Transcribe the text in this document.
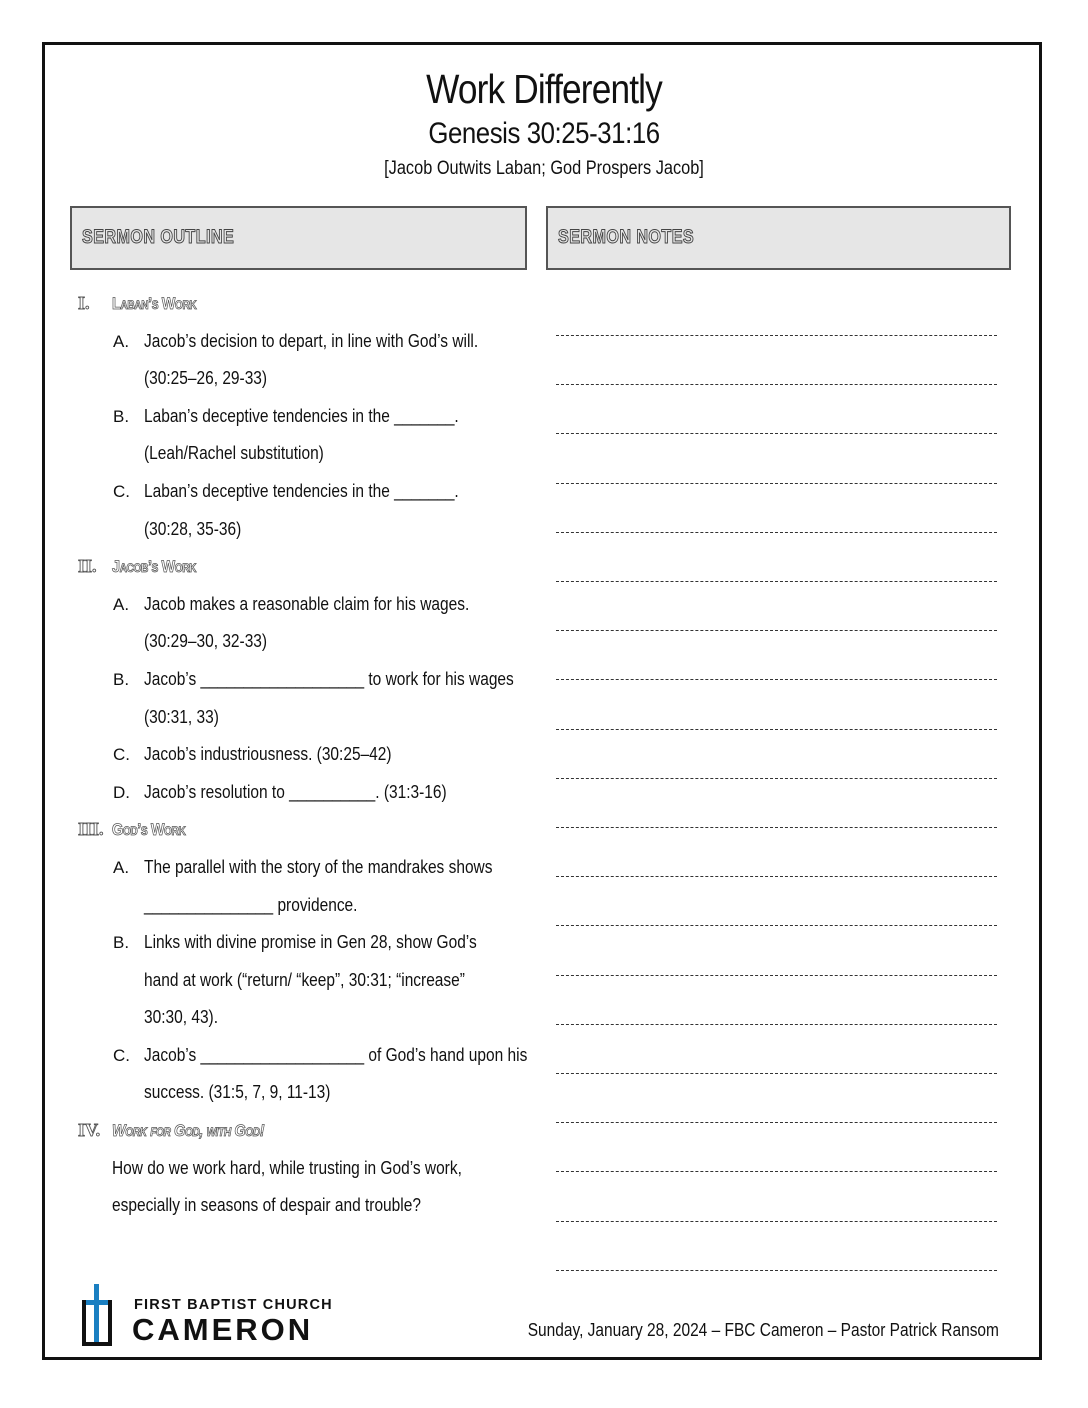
Work Differently
Genesis 30:25-31:16
[Jacob Outwits Laban; God Prospers Jacob]
SERMON OUTLINE	SERMON NOTES
I. Laban’s Work
A. Jacob’s decision to depart, in line with God’s will.
(30:25–26, 29-33)
B. Laban’s deceptive tendencies in the _______.
(Leah/Rachel substitution)
C. Laban’s deceptive tendencies in the _______.
(30:28, 35-36)
II. Jacob’s Work
A. Jacob makes a reasonable claim for his wages.
(30:29–30, 32-33)
B. Jacob’s ___________________ to work for his wages
(30:31, 33)
C. Jacob’s industriousness. (30:25–42)
D. Jacob’s resolution to __________. (31:3-16)
III. God’s Work
A. The parallel with the story of the mandrakes shows
_______________ providence.
B. Links with divine promise in Gen 28, show God’s
hand at work (“return/ “keep”, 30:31; “increase”
30:30, 43).
C. Jacob’s ___________________ of God’s hand upon his
success. (31:5, 7, 9, 11-13)
IV. Work for God, with God!
How do we work hard, while trusting in God’s work,
especially in seasons of despair and trouble?
FIRST BAPTIST CHURCH
CAMERON	Sunday, January 28, 2024 – FBC Cameron – Pastor Patrick Ransom
